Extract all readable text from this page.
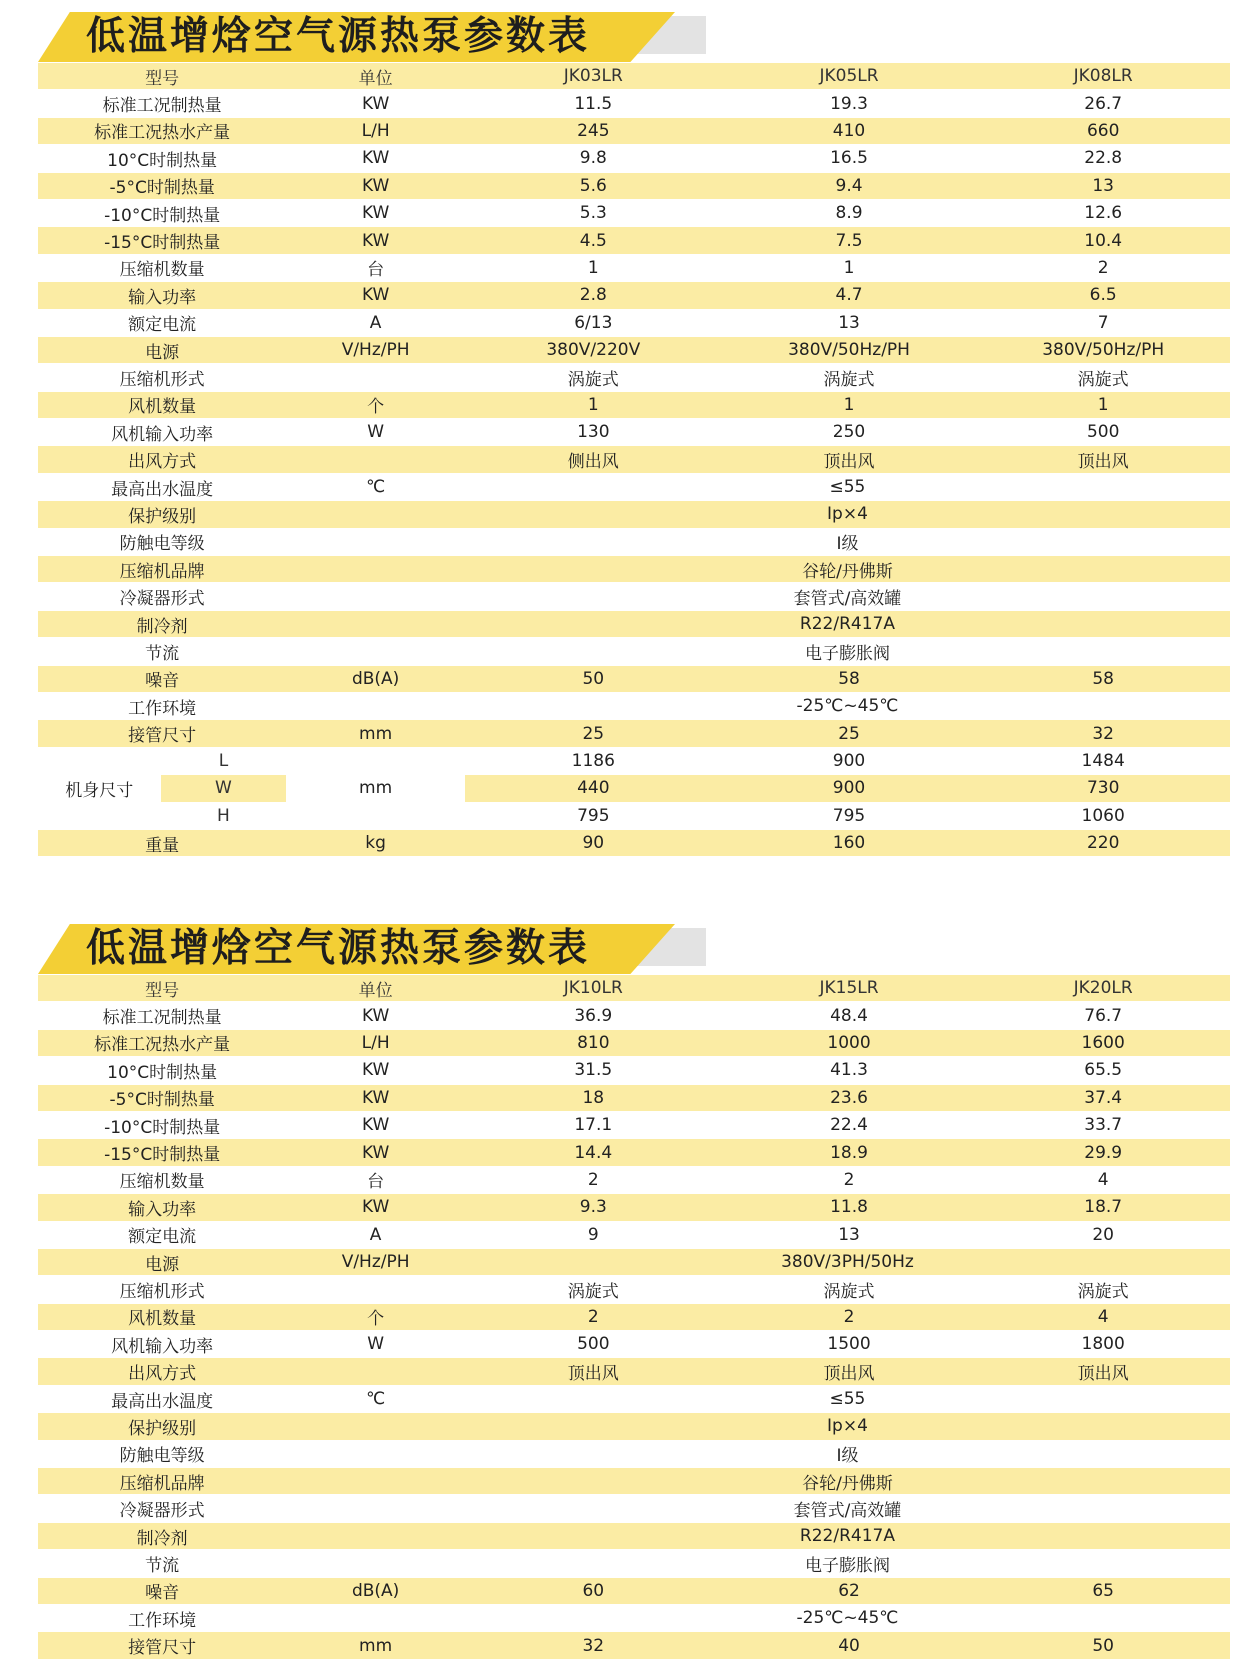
低温增焓空气源热泵参数表
型号		单位	JK03LR	JK05LR	JK08LR
标准工况制热量		KW	11.5	19.3	26.7
标准工况热水产量		L/H	245	410	660
10°C时制热量		KW	9.8	16.5	22.8
-5°C时制热量		KW	5.6	9.4	13
-10°C时制热量		KW	5.3	8.9	12.6
-15°C时制热量		KW	4.5	7.5	10.4
压缩机数量		台	1	1	2
输入功率		KW	2.8	4.7	6.5
额定电流		A	6/13	13	7
电源		V/Hz/PH	380V/220V	380V/50Hz/PH	380V/50Hz/PH
压缩机形式			涡旋式	涡旋式	涡旋式
风机数量		个	1	1	1
风机输入功率		W	130	250	500
出风方式			侧出风	顶出风	顶出风
最高出水温度		℃	≤55		
保护级别			Ip×4		
防触电等级			I级		
压缩机品牌			谷轮/丹佛斯		
冷凝器形式			套管式/高效罐		
制冷剂			R22/R417A		
节流			电子膨胀阀		
噪音		dB(A)	50	58	58
工作环境			-25℃~45℃		
接管尺寸		mm	25	25	32
机身尺寸	L	mm	1186	900	1484
	W		440	900	730
	H		795	795	1060
重量		kg	90	160	220
低温增焓空气源热泵参数表
型号	单位	JK10LR	JK15LR	JK20LR
标准工况制热量	KW	36.9	48.4	76.7
标准工况热水产量	L/H	810	1000	1600
10°C时制热量	KW	31.5	41.3	65.5
-5°C时制热量	KW	18	23.6	37.4
-10°C时制热量	KW	17.1	22.4	33.7
-15°C时制热量	KW	14.4	18.9	29.9
压缩机数量	台	2	2	4
输入功率	KW	9.3	11.8	18.7
额定电流	A	9	13	20
电源	V/Hz/PH	380V/3PH/50Hz		
压缩机形式		涡旋式	涡旋式	涡旋式
风机数量	个	2	2	4
风机输入功率	W	500	1500	1800
出风方式		顶出风	顶出风	顶出风
最高出水温度	℃	≤55		
保护级别		Ip×4		
防触电等级		I级		
压缩机品牌		谷轮/丹佛斯		
冷凝器形式		套管式/高效罐		
制冷剂		R22/R417A		
节流		电子膨胀阀		
噪音	dB(A)	60	62	65
工作环境		-25℃~45℃		
接管尺寸	mm	32	40	50
